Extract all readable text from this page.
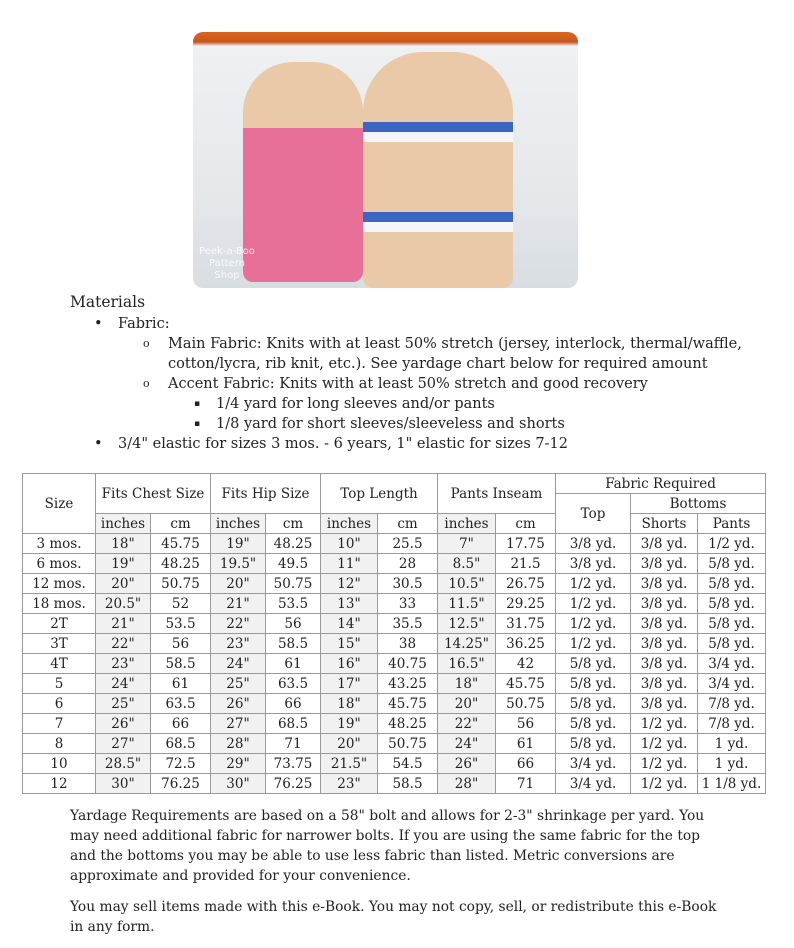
Peek-a-Boo Pattern Shop
Materials
• Fabric:
o Main Fabric: Knits with at least 50% stretch (jersey, interlock, thermal/waffle, cotton/lycra, rib knit, etc.). See yardage chart below for required amount
o Accent Fabric: Knits with at least 50% stretch and good recovery
▪ 1/4 yard for long sleeves and/or pants
▪ 1/8 yard for short sleeves/sleeveless and shorts
• 3/4" elastic for sizes 3 mos. - 6 years, 1" elastic for sizes 7-12
Size	Fits Chest Size		Fits Hip Size		Top Length		Pants Inseam		Fabric Required		
									Top	Bottoms	
	inches	cm	inches	cm	inches	cm	inches	cm		Shorts	Pants
3 mos.	18"	45.75	19"	48.25	10"	25.5	7"	17.75	3/8 yd.	3/8 yd.	1/2 yd.
6 mos.	19"	48.25	19.5"	49.5	11"	28	8.5"	21.5	3/8 yd.	3/8 yd.	5/8 yd.
12 mos.	20"	50.75	20"	50.75	12"	30.5	10.5"	26.75	1/2 yd.	3/8 yd.	5/8 yd.
18 mos.	20.5"	52	21"	53.5	13"	33	11.5"	29.25	1/2 yd.	3/8 yd.	5/8 yd.
2T	21"	53.5	22"	56	14"	35.5	12.5"	31.75	1/2 yd.	3/8 yd.	5/8 yd.
3T	22"	56	23"	58.5	15"	38	14.25"	36.25	1/2 yd.	3/8 yd.	5/8 yd.
4T	23"	58.5	24"	61	16"	40.75	16.5"	42	5/8 yd.	3/8 yd.	3/4 yd.
5	24"	61	25"	63.5	17"	43.25	18"	45.75	5/8 yd.	3/8 yd.	3/4 yd.
6	25"	63.5	26"	66	18"	45.75	20"	50.75	5/8 yd.	3/8 yd.	7/8 yd.
7	26"	66	27"	68.5	19"	48.25	22"	56	5/8 yd.	1/2 yd.	7/8 yd.
8	27"	68.5	28"	71	20"	50.75	24"	61	5/8 yd.	1/2 yd.	1 yd.
10	28.5"	72.5	29"	73.75	21.5"	54.5	26"	66	3/4 yd.	1/2 yd.	1 yd.
12	30"	76.25	30"	76.25	23"	58.5	28"	71	3/4 yd.	1/2 yd.	1 1/8 yd.

Yardage Requirements are based on a 58" bolt and allows for 2-3" shrinkage per yard. You may need additional fabric for narrower bolts. If you are using the same fabric for the top and the bottoms you may be able to use less fabric than listed. Metric conversions are approximate and provided for your convenience.

You may sell items made with this e-Book. You may not copy, sell, or redistribute this e-Book in any form.
